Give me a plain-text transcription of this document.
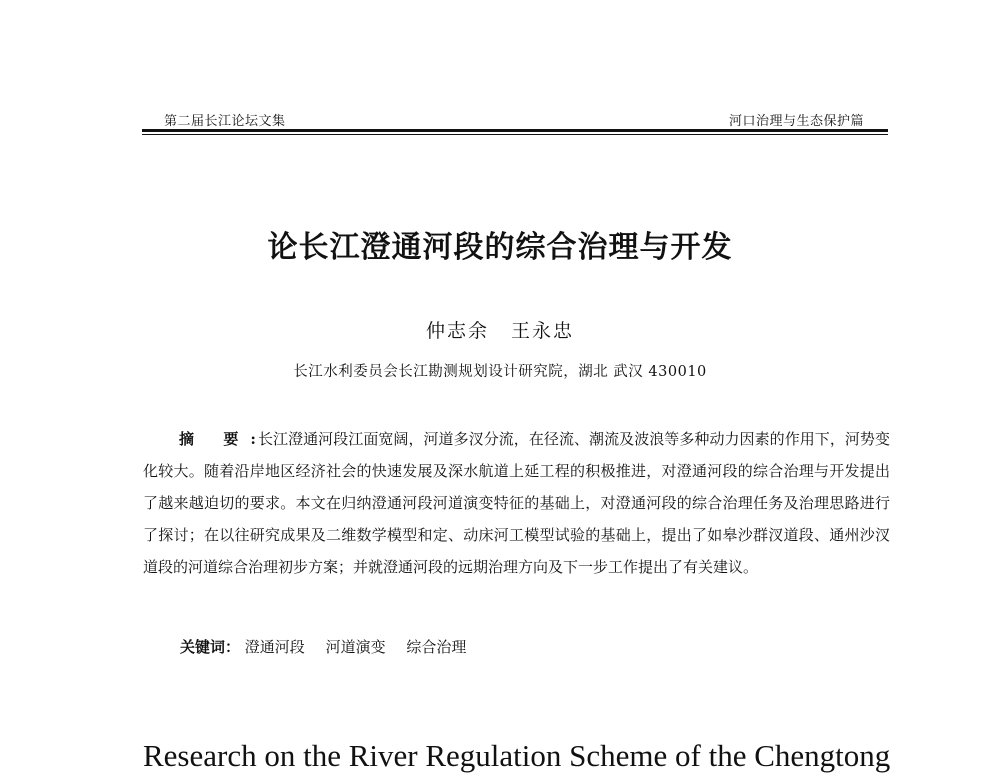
第二届长江论坛文集	河口治理与生态保护篇
论长江澄通河段的综合治理与开发
仲志余 王永忠
长江水利委员会长江勘测规划设计研究院，湖北 武汉 430010

摘 要: 长江澄通河段江面宽阔，河道多汊分流，在径流、潮流及波浪等多种动力因素的作用下，河势变化较大。随着沿岸地区经济社会的快速发展及深水航道上延工程的积极推进，对澄通河段的综合治理与开发提出了越来越迫切的要求。本文在归纳澄通河段河道演变特征的基础上，对澄通河段的综合治理任务及治理思路进行了探讨；在以往研究成果及二维数学模型和定、动床河工模型试验的基础上，提出了如皋沙群汊道段、通州沙汊道段的河道综合治理初步方案；并就澄通河段的远期治理方向及下一步工作提出了有关建议。

关键词： 澄通河段 河道演变 综合治理
Research on the River Regulation Scheme of the Chengtong
